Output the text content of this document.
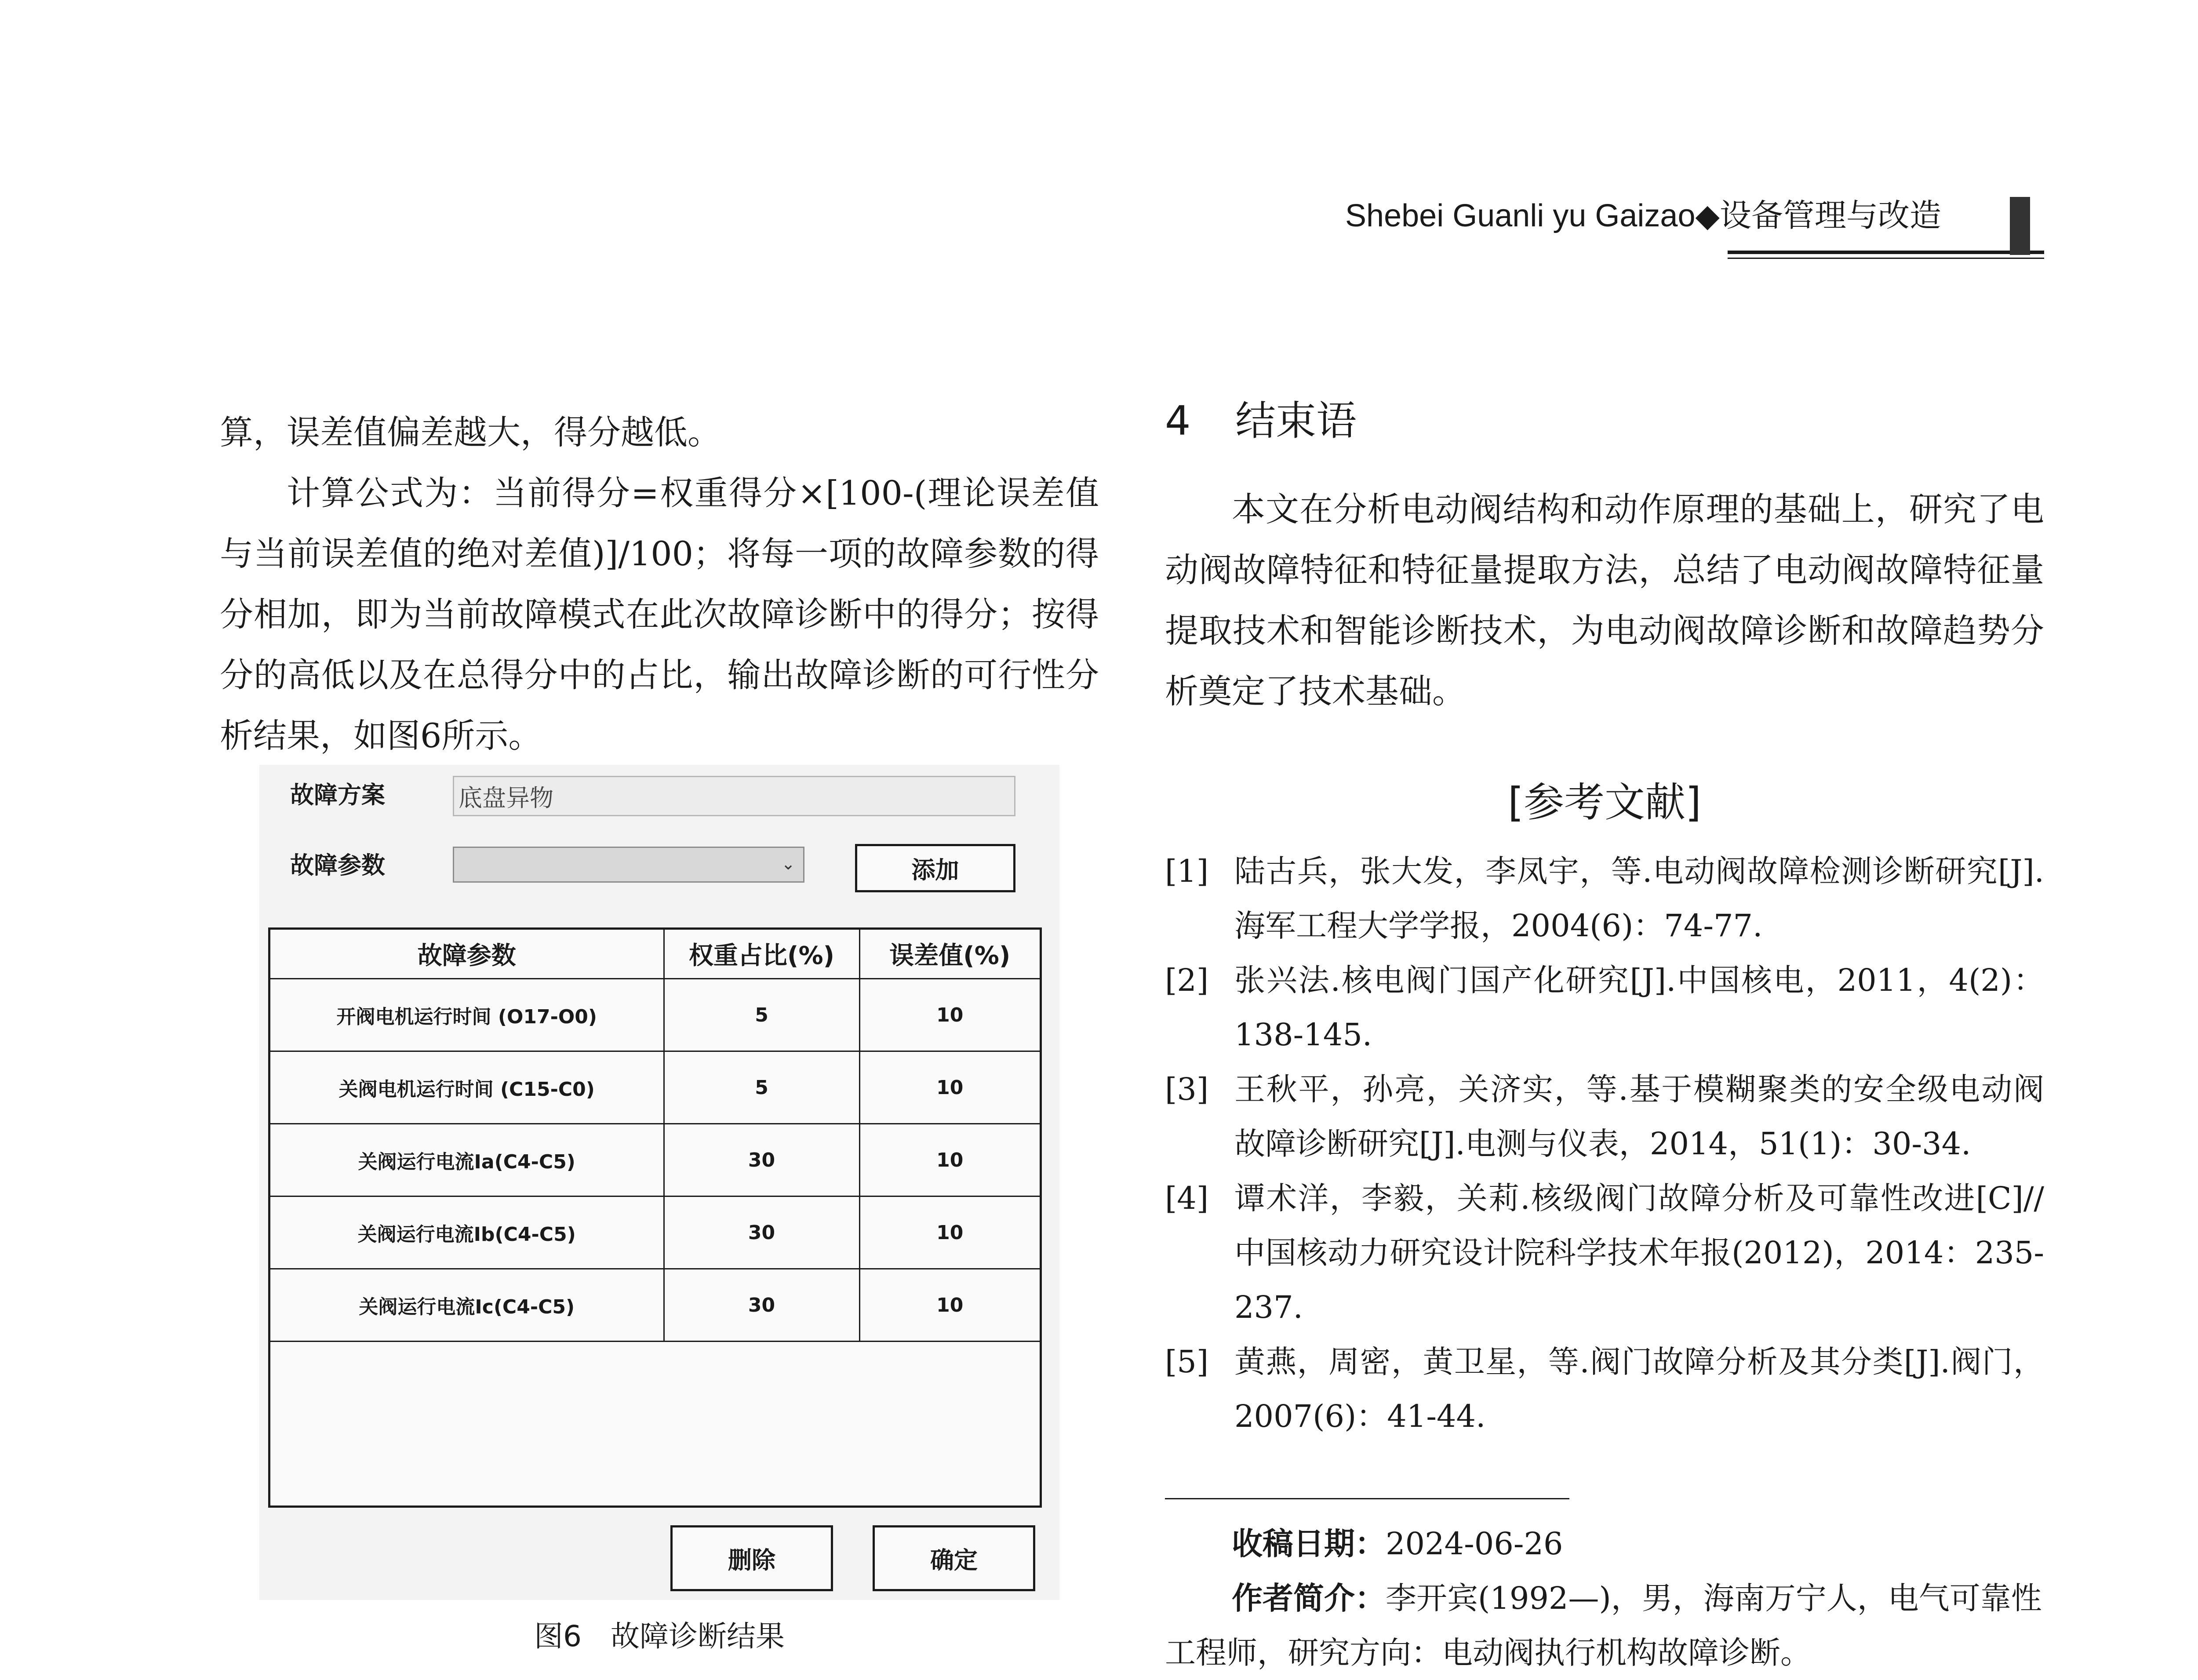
Shebei Guanli yu Gaizao◆设备管理与改造

算，误差值偏差越大，得分越低。

计算公式为：当前得分=权重得分×[100-(理论误差值与当前误差值的绝对差值)]/100；将每一项的故障参数的得分相加，即为当前故障模式在此次故障诊断中的得分；按得分的高低以及在总得分中的占比，输出故障诊断的可行性分析结果，如图6所示。

故障方案	底盘异物
故障参数	⌄	添加
故障参数	权重占比(%)	误差值(%)
开阀电机运行时间 (O17-O0)	5	10
关阀电机运行时间 (C15-C0)	5	10
关阀运行电流Ia(C4-C5)	30	10
关阀运行电流Ib(C4-C5)	30	10
关阀运行电流Ic(C4-C5)	30	10
删除	确定
图6　故障诊断结果
4 结束语

本文在分析电动阀结构和动作原理的基础上，研究了电动阀故障特征和特征量提取方法，总结了电动阀故障特征量提取技术和智能诊断技术，为电动阀故障诊断和故障趋势分析奠定了技术基础。

[参考文献]
[1] 陆古兵，张大发，李凤宇，等.电动阀故障检测诊断研究[J].海军工程大学学报，2004(6)：74-77.
[2] 张兴法.核电阀门国产化研究[J].中国核电，2011，4(2)：138-145.
[3] 王秋平，孙亮，关济实，等.基于模糊聚类的安全级电动阀故障诊断研究[J].电测与仪表，2014，51(1)：30-34.
[4] 谭术洋，李毅，关莉.核级阀门故障分析及可靠性改进[C]//中国核动力研究设计院科学技术年报(2012)，2014：235-237.
[5] 黄燕，周密，黄卫星，等.阀门故障分析及其分类[J].阀门，2007(6)：41-44.
收稿日期：2024-06-26
作者简介：李开宾(1992—)，男，海南万宁人，电气可靠性工程师，研究方向：电动阀执行机构故障诊断。
